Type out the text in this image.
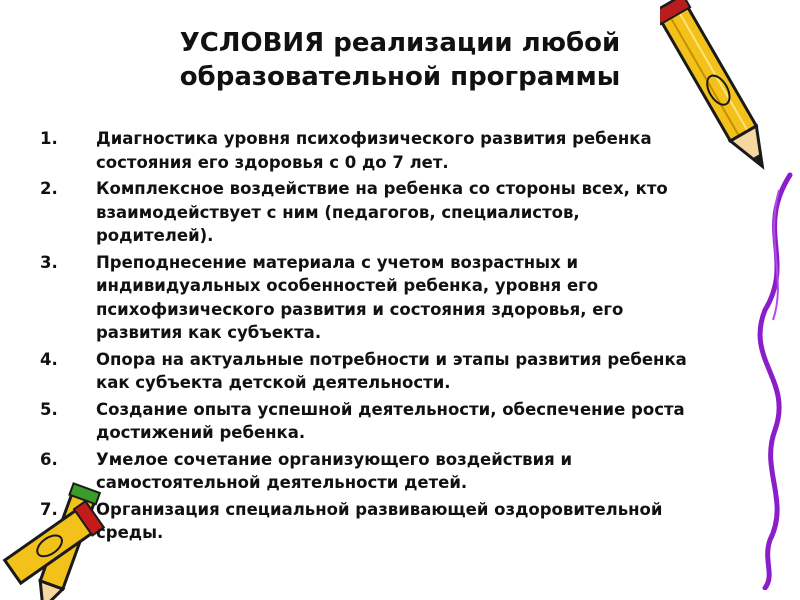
УСЛОВИЯ реализации любой
образовательной программы
1.	Диагностика уровня психофизического развития ребенка
состояния его здоровья с 0 до 7 лет.
2.	Комплексное воздействие на ребенка со стороны всех, кто
взаимодействует с ним (педагогов, специалистов,
родителей).
3.	Преподнесение материала с учетом возрастных и
индивидуальных особенностей ребенка, уровня его
психофизического развития и состояния здоровья, его
развития как субъекта.
4.	Опора на актуальные потребности и этапы развития ребенка
как субъекта детской деятельности.
5.	Создание опыта успешной деятельности, обеспечение роста
достижений ребенка.
6.	Умелое сочетание организующего воздействия и
самостоятельной деятельности детей.
7.	Организация специальной развивающей оздоровительной
среды.
